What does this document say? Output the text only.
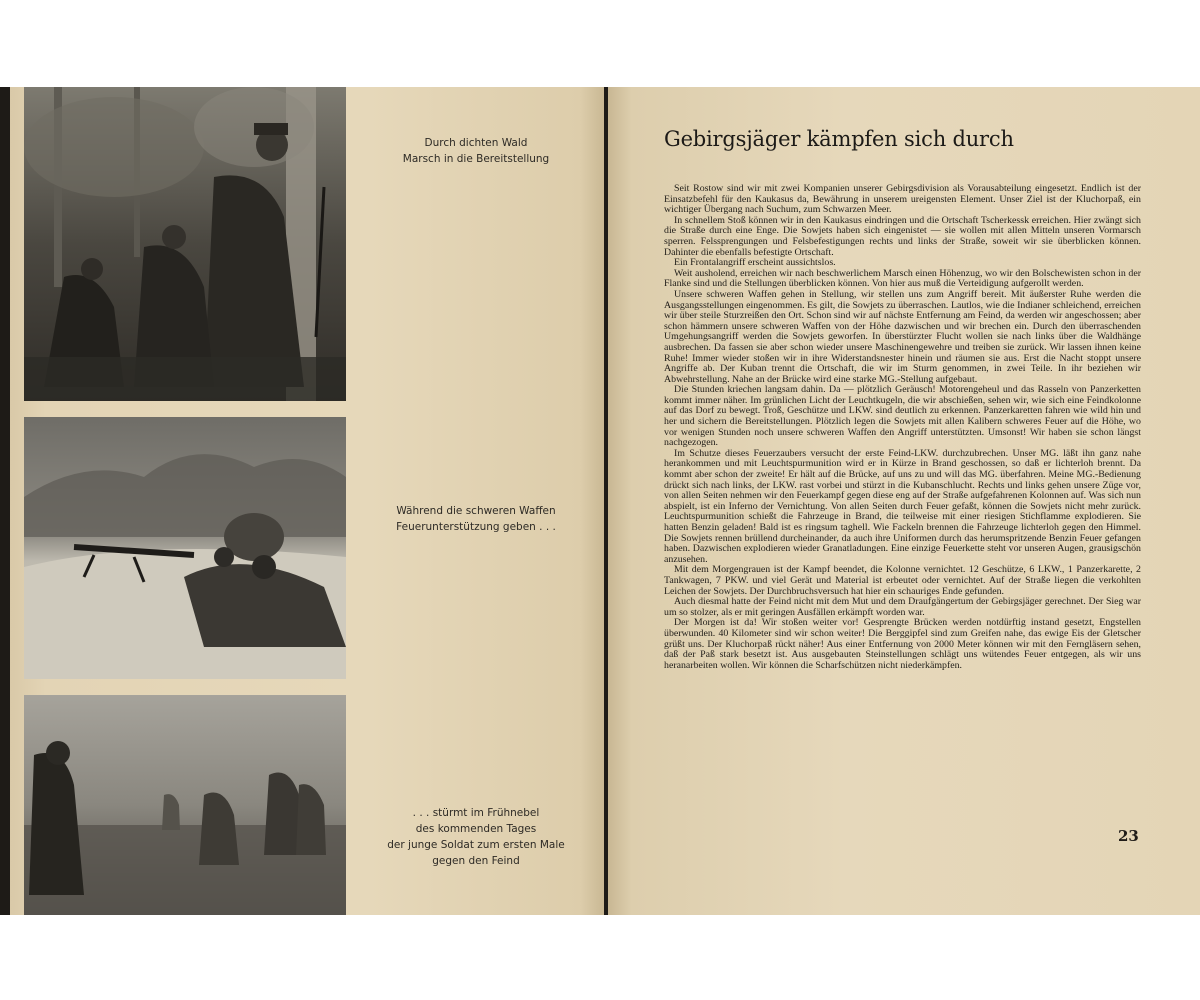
Durch dichten Wald
Marsch in die Bereitstellung
Während die schweren Waffen
Feuerunterstützung geben . . .
. . . stürmt im Frühnebel
des kommenden Tages
der junge Soldat zum ersten Male
gegen den Feind
Gebirgsjäger kämpfen sich durch

Seit Rostow sind wir mit zwei Kompanien unserer Gebirgsdivision als Vorausabteilung eingesetzt. Endlich ist der Einsatzbefehl für den Kaukasus da, Bewährung in unserem ureigensten Element. Unser Ziel ist der Kluchorpaß, ein wichtiger Übergang nach Suchum, zum Schwarzen Meer.

In schnellem Stoß können wir in den Kaukasus eindringen und die Ortschaft Tscherkessk erreichen. Hier zwängt sich die Straße durch eine Enge. Die Sowjets haben sich eingenistet — sie wollen mit allen Mitteln unseren Vormarsch sperren. Felssprengungen und Felsbefestigungen rechts und links der Straße, soweit wir sie überblicken können. Dahinter die ebenfalls befestigte Ortschaft.

Ein Frontalangriff erscheint aussichtslos.

Weit ausholend, erreichen wir nach beschwerlichem Marsch einen Höhenzug, wo wir den Bolschewisten schon in der Flanke sind und die Stellungen überblicken können. Von hier aus muß die Verteidigung aufgerollt werden.

Unsere schweren Waffen gehen in Stellung, wir stellen uns zum Angriff bereit. Mit äußerster Ruhe werden die Ausgangsstellungen eingenommen. Es gilt, die Sowjets zu überraschen. Lautlos, wie die Indianer schleichend, erreichen wir über steile Sturzreißen den Ort. Schon sind wir auf nächste Entfernung am Feind, da werden wir angeschossen; aber schon hämmern unsere schweren Waffen von der Höhe dazwischen und wir brechen ein. Durch den überraschenden Umgehungsangriff werden die Sowjets geworfen. In überstürzter Flucht wollen sie nach links über die Waldhänge ausbrechen. Da fassen sie aber schon wieder unsere Maschinengewehre und treiben sie zurück. Wir lassen ihnen keine Ruhe! Immer wieder stoßen wir in ihre Widerstandsnester hinein und räumen sie aus. Erst die Nacht stoppt unsere Angriffe ab. Der Kuban trennt die Ortschaft, die wir im Sturm genommen, in zwei Teile. In ihr beziehen wir Abwehrstellung. Nahe an der Brücke wird eine starke MG.-Stellung aufgebaut.

Die Stunden kriechen langsam dahin. Da — plötzlich Geräusch! Motorengeheul und das Rasseln von Panzerketten kommt immer näher. Im grünlichen Licht der Leuchtkugeln, die wir abschießen, sehen wir, wie sich eine Feindkolonne auf das Dorf zu bewegt. Troß, Geschütze und LKW. sind deutlich zu erkennen. Panzerkaretten fahren wie wild hin und her und sichern die Bereitstellungen. Plötzlich legen die Sowjets mit allen Kalibern schweres Feuer auf die Höhe, wo vor wenigen Stunden noch unsere schweren Waffen den Angriff unterstützten. Umsonst! Wir haben sie schon längst nachgezogen.

Im Schutze dieses Feuerzaubers versucht der erste Feind-LKW. durchzubrechen. Unser MG. läßt ihn ganz nahe herankommen und mit Leuchtspurmunition wird er in Kürze in Brand geschossen, so daß er lichterloh brennt. Da kommt aber schon der zweite! Er hält auf die Brücke, auf uns zu und will das MG. überfahren. Meine MG.-Bedienung drückt sich nach links, der LKW. rast vorbei und stürzt in die Kubanschlucht. Rechts und links gehen unsere Züge vor, von allen Seiten nehmen wir den Feuerkampf gegen diese eng auf der Straße aufgefahrenen Kolonnen auf. Was sich nun abspielt, ist ein Inferno der Vernichtung. Von allen Seiten durch Feuer gefaßt, können die Sowjets nicht mehr zurück. Leuchtspurmunition schießt die Fahrzeuge in Brand, die teilweise mit einer riesigen Stichflamme explodieren. Sie hatten Benzin geladen! Bald ist es ringsum taghell. Wie Fackeln brennen die Fahrzeuge lichterloh gegen den Himmel. Die Sowjets rennen brüllend durcheinander, da auch ihre Uniformen durch das herumspritzende Benzin Feuer gefangen haben. Dazwischen explodieren wieder Granatladungen. Eine einzige Feuerkette steht vor unseren Augen, grausigschön anzusehen.

Mit dem Morgengrauen ist der Kampf beendet, die Kolonne vernichtet. 12 Geschütze, 6 LKW., 1 Panzerkarette, 2 Tankwagen, 7 PKW. und viel Gerät und Material ist erbeutet oder vernichtet. Auf der Straße liegen die verkohlten Leichen der Sowjets. Der Durchbruchsversuch hat hier ein schauriges Ende gefunden.

Auch diesmal hatte der Feind nicht mit dem Mut und dem Draufgängertum der Gebirgsjäger gerechnet. Der Sieg war um so stolzer, als er mit geringen Ausfällen erkämpft worden war.

Der Morgen ist da! Wir stoßen weiter vor! Gesprengte Brücken werden notdürftig instand gesetzt, Engstellen überwunden. 40 Kilometer sind wir schon weiter! Die Berggipfel sind zum Greifen nahe, das ewige Eis der Gletscher grüßt uns. Der Kluchorpaß rückt näher! Aus einer Entfernung von 2000 Meter können wir mit den Ferngläsern sehen, daß der Paß stark besetzt ist. Aus ausgebauten Steinstellungen schlägt uns wütendes Feuer entgegen, als wir uns heranarbeiten wollen. Wir können die Scharfschützen nicht niederkämpfen.

23
